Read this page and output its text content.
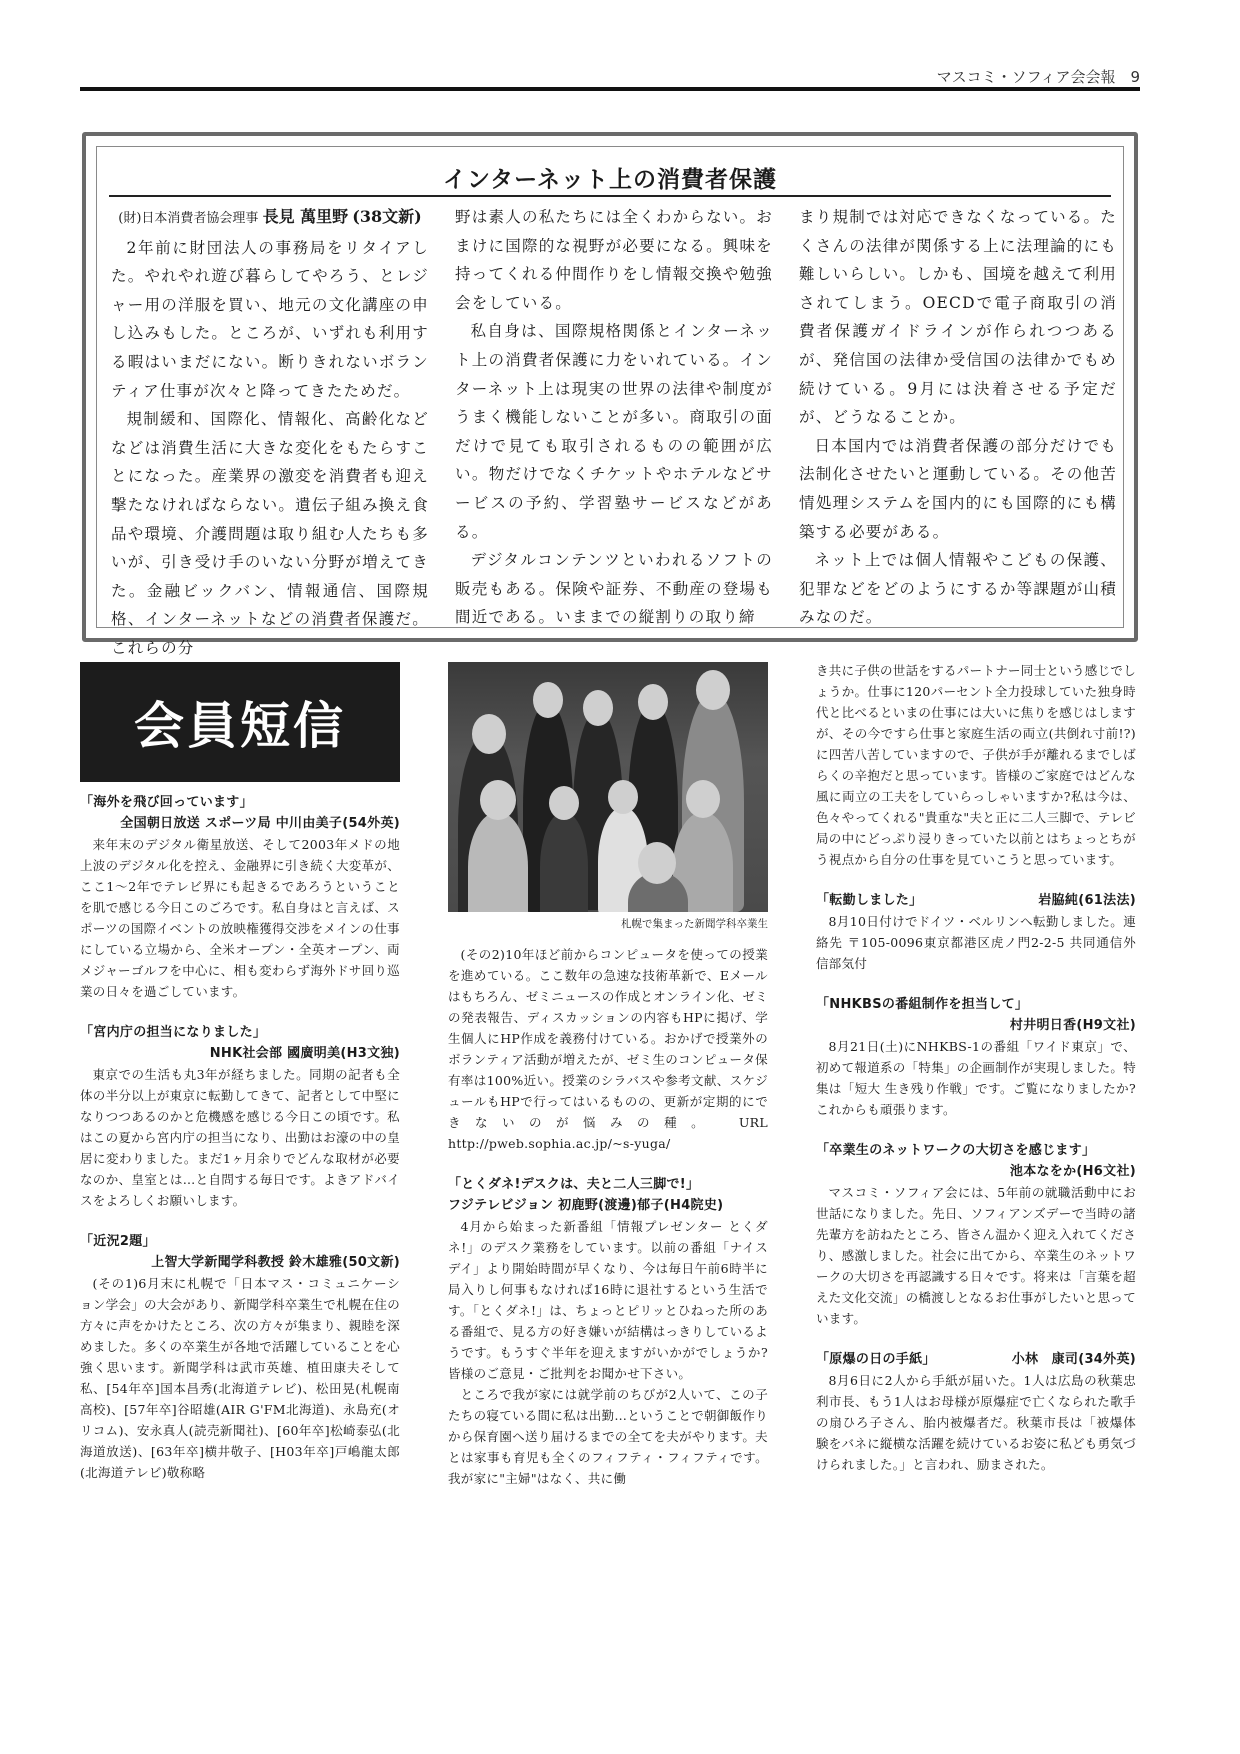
マスコミ・ソフィア会会報　9
インターネット上の消費者保護
(財)日本消費者協会理事 長見 萬里野 (38文新)

2年前に財団法人の事務局をリタイアした。やれやれ遊び暮らしてやろう、とレジャー用の洋服を買い、地元の文化講座の申し込みもした。ところが、いずれも利用する暇はいまだにない。断りきれないボランティア仕事が次々と降ってきたためだ。

規制緩和、国際化、情報化、高齢化などなどは消費生活に大きな変化をもたらすことになった。産業界の激変を消費者も迎え撃たなければならない。遺伝子組み換え食品や環境、介護問題は取り組む人たちも多いが、引き受け手のいない分野が増えてきた。金融ビックバン、情報通信、国際規格、インターネットなどの消費者保護だ。これらの分

野は素人の私たちには全くわからない。おまけに国際的な視野が必要になる。興味を持ってくれる仲間作りをし情報交換や勉強会をしている。

私自身は、国際規格関係とインターネット上の消費者保護に力をいれている。インターネット上は現実の世界の法律や制度がうまく機能しないことが多い。商取引の面だけで見ても取引されるものの範囲が広い。物だけでなくチケットやホテルなどサービスの予約、学習塾サービスなどがある。

デジタルコンテンツといわれるソフトの販売もある。保険や証券、不動産の登場も間近である。いままでの縦割りの取り締

まり規制では対応できなくなっている。たくさんの法律が関係する上に法理論的にも難しいらしい。しかも、国境を越えて利用されてしまう。OECDで電子商取引の消費者保護ガイドラインが作られつつあるが、発信国の法律か受信国の法律かでもめ続けている。9月には決着させる予定だが、どうなることか。

日本国内では消費者保護の部分だけでも法制化させたいと運動している。その他苦情処理システムを国内的にも国際的にも構築する必要がある。

ネット上では個人情報やこどもの保護、犯罪などをどのようにするか等課題が山積みなのだ。

会員短信
「海外を飛び回っています」
全国朝日放送 スポーツ局 中川由美子(54外英)

来年末のデジタル衛星放送、そして2003年メドの地上波のデジタル化を控え、金融界に引き続く大変革が、ここ1〜2年でテレビ界にも起きるであろうということを肌で感じる今日このごろです。私自身はと言えば、スポーツの国際イベントの放映権獲得交渉をメインの仕事にしている立場から、全米オープン・全英オープン、両メジャーゴルフを中心に、相も変わらず海外ドサ回り巡業の日々を過ごしています。

「宮内庁の担当になりました」
NHK社会部 國廣明美(H3文独)

東京での生活も丸3年が経ちました。同期の記者も全体の半分以上が東京に転勤してきて、記者として中堅になりつつあるのかと危機感を感じる今日この頃です。私はこの夏から宮内庁の担当になり、出勤はお濠の中の皇居に変わりました。まだ1ヶ月余りでどんな取材が必要なのか、皇室とは…と自問する毎日です。よきアドバイスをよろしくお願いします。

「近況2題」
上智大学新聞学科教授 鈴木雄雅(50文新)

(その1)6月末に札幌で「日本マス・コミュニケーション学会」の大会があり、新聞学科卒業生で札幌在住の方々に声をかけたところ、次の方々が集まり、親睦を深めました。多くの卒業生が各地で活躍していることを心強く思います。新聞学科は武市英雄、植田康夫そして私、[54年卒]国本昌秀(北海道テレビ)、松田晃(札幌南高校)、[57年卒]谷昭雄(AIR G'FM北海道)、永島充(オリコム)、安永真人(読売新聞社)、[60年卒]松崎泰弘(北海道放送)、[63年卒]横井敬子、[H03年卒]戸嶋龍太郎(北海道テレビ)敬称略

札幌で集まった新聞学科卒業生

(その2)10年ほど前からコンピュータを使っての授業を進めている。ここ数年の急速な技術革新で、Eメールはもちろん、ゼミニュースの作成とオンライン化、ゼミの発表報告、ディスカッションの内容もHPに掲げ、学生個人にHP作成を義務付けている。おかげで授業外のボランティア活動が増えたが、ゼミ生のコンピュータ保有率は100%近い。授業のシラバスや参考文献、スケジュールもHPで行ってはいるものの、更新が定期的にできないのが悩みの種。　URL http://pweb.sophia.ac.jp/~s-yuga/

「とくダネ!デスクは、夫と二人三脚で!」
フジテレビジョン 初鹿野(渡邊)郁子(H4院史)

4月から始まった新番組「情報プレゼンター とくダネ!」のデスク業務をしています。以前の番組「ナイスデイ」より開始時間が早くなり、今は毎日午前6時半に局入りし何事もなければ16時に退社するという生活です。「とくダネ!」は、ちょっとピリッとひねった所のある番組で、見る方の好き嫌いが結構はっきりしているようです。もうすぐ半年を迎えますがいかがでしょうか?皆様のご意見・ご批判をお聞かせ下さい。

ところで我が家には就学前のちびが2人いて、この子たちの寝ている間に私は出勤…ということで朝御飯作りから保育園へ送り届けるまでの全てを夫がやります。夫とは家事も育児も全くのフィフティ・フィフティです。我が家に"主婦"はなく、共に働

き共に子供の世話をするパートナー同士という感じでしょうか。仕事に120パーセント全力投球していた独身時代と比べるといまの仕事には大いに焦りを感じはしますが、その今ですら仕事と家庭生活の両立(共倒れ寸前!?)に四苦八苦していますので、子供が手が離れるまでしばらくの辛抱だと思っています。皆様のご家庭ではどんな風に両立の工夫をしていらっしゃいますか?私は今は、色々やってくれる"貴重な"夫と正に二人三脚で、テレビ局の中にどっぷり浸りきっていた以前とはちょっとちがう視点から自分の仕事を見ていこうと思っています。

「転勤しました」	岩脇純(61法法)

8月10日付けでドイツ・ベルリンへ転勤しました。連絡先 〒105-0096東京都港区虎ノ門2-2-5 共同通信外信部気付

「NHKBSの番組制作を担当して」
村井明日香(H9文社)

8月21日(土)にNHKBS-1の番組「ワイド東京」で、初めて報道系の「特集」の企画制作が実現しました。特集は「短大 生き残り作戦」です。ご覧になりましたか?これからも頑張ります。

「卒業生のネットワークの大切さを感じます」
池本なをか(H6文社)

マスコミ・ソフィア会には、5年前の就職活動中にお世話になりました。先日、ソフィアンズデーで当時の諸先輩方を訪ねたところ、皆さん温かく迎え入れてくださり、感激しました。社会に出てから、卒業生のネットワークの大切さを再認識する日々です。将来は「言葉を超えた文化交流」の橋渡しとなるお仕事がしたいと思っています。

「原爆の日の手紙」	小林　康司(34外英)

8月6日に2人から手紙が届いた。1人は広島の秋葉忠利市長、もう1人はお母様が原爆症で亡くなられた歌手の扇ひろ子さん、胎内被爆者だ。秋葉市長は「被爆体験をバネに縦横な活躍を続けているお姿に私ども勇気づけられました。」と言われ、励まされた。
